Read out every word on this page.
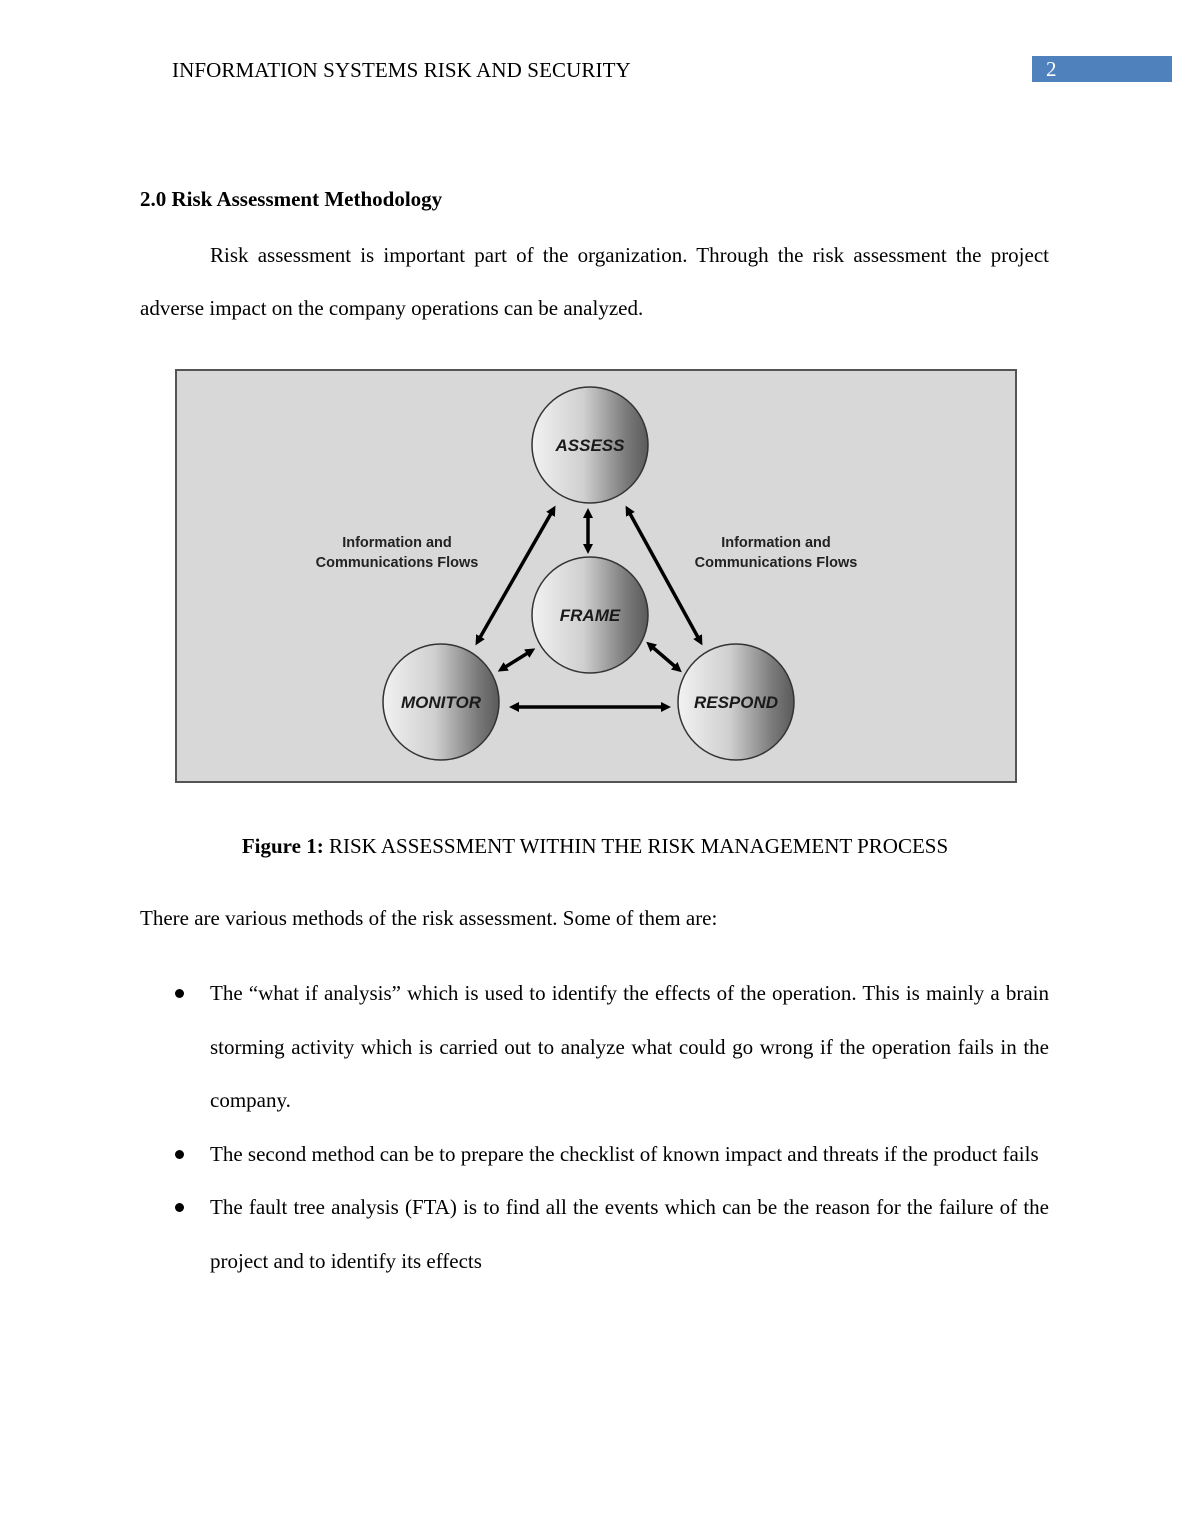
INFORMATION SYSTEMS RISK AND SECURITY	2
2.0 Risk Assessment Methodology

Risk assessment is important part of the organization. Through the risk assessment the project adverse impact on the company operations can be analyzed.

ASSESS
FRAME
MONITOR	RESPOND
Information and
Communications Flows
Information and
Communications Flows
Figure 1: RISK ASSESSMENT WITHIN THE RISK MANAGEMENT PROCESS
There are various methods of the risk assessment. Some of them are:
The “what if analysis” which is used to identify the effects of the operation. This is mainly a brain storming activity which is carried out to analyze what could go wrong if the operation fails in the company.
The second method can be to prepare the checklist of known impact and threats if the product fails
The fault tree analysis (FTA) is to find all the events which can be the reason for the failure of the project and to identify its effects
